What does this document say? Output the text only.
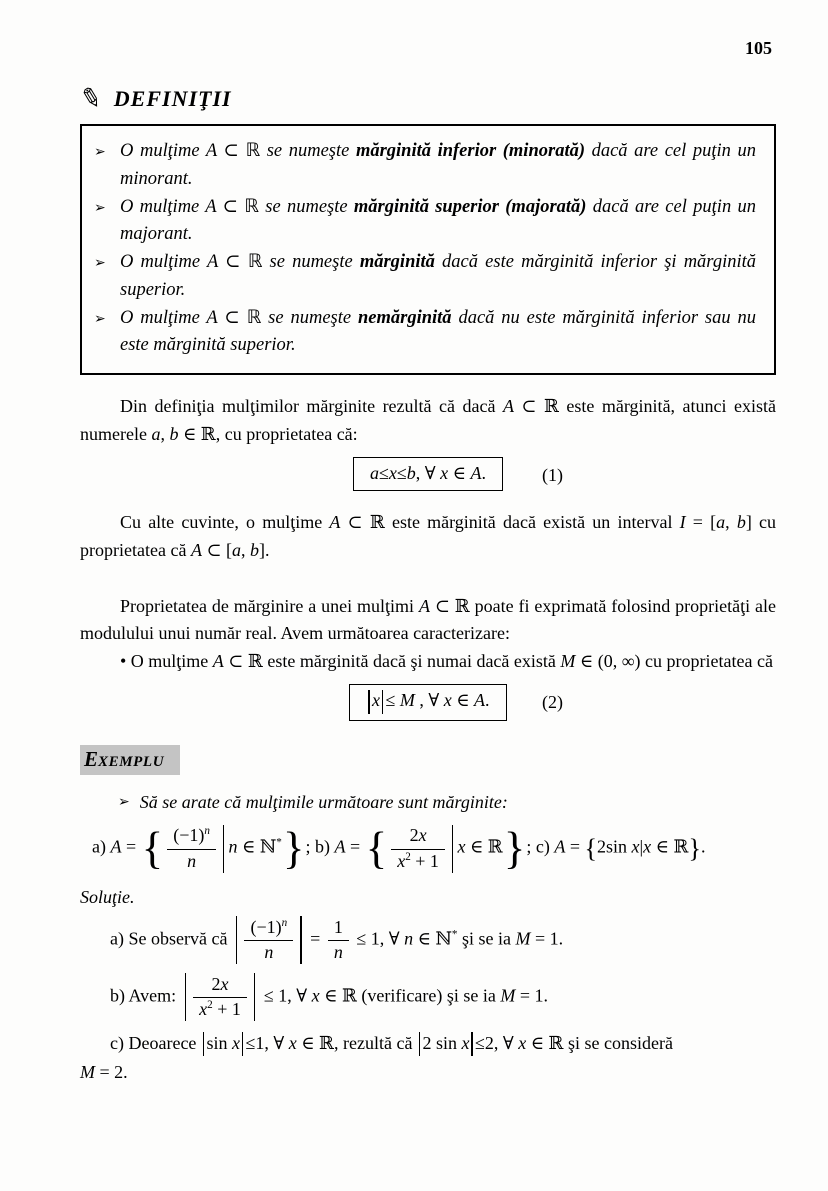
105
✎ DEFINIŢII
➢ O mulţime A ⊂ ℝ se numeşte mărginită inferior (minorată) dacă are cel puţin un minorant.
➢ O mulţime A ⊂ ℝ se numeşte mărginită superior (majorată) dacă are cel puţin un majorant.
➢ O mulţime A ⊂ ℝ se numeşte mărginită dacă este mărginită inferior şi mărginită superior.
➢ O mulţime A ⊂ ℝ se numeşte nemărginită dacă nu este mărginită inferior sau nu este mărginită superior.

Din definiţia mulţimilor mărginite rezultă că dacă A ⊂ ℝ este mărginită, atunci există numerele a, b ∈ ℝ, cu proprietatea că:

a≤x≤b, ∀ x ∈ A.	(1)

Cu alte cuvinte, o mulţime A ⊂ ℝ este mărginită dacă există un interval I = [a, b] cu proprietatea că A ⊂ [a, b].

Proprietatea de mărginire a unei mulţimi A ⊂ ℝ poate fi exprimată folosind proprietăţi ale modulului unui număr real. Avem următoarea caracterizare:

• O mulţime A ⊂ ℝ este mărginită dacă şi numai dacă există M ∈ (0, ∞) cu proprietatea că

x ≤ M , ∀ x ∈ A.	(2)
EXEMPLU
➢ Să se arate că mulţimile următoare sunt mărginite:
a) A = { $\frac{(-1)^n}{n}$ n ∈ ℕ*}; b) A = { $\frac{2x}{x^2 + 1}$ x ∈ ℝ}; c) A = {2sin x|x ∈ ℝ}.

Soluţie.

a) Se observă că $\frac{(-1)^n}{n} = \frac{1}{n} \le 1$, ∀ n ∈ ℕ* şi se ia M = 1.
b) Avem: $\frac{2x}{x^2 + 1} \le 1$, ∀ x ∈ ℝ (verificare) şi se ia M = 1.

c) Deoarece sin x ≤1, ∀ x ∈ ℝ, rezultă că 2 sin x ≤2, ∀ x ∈ ℝ şi se consideră

M = 2.
